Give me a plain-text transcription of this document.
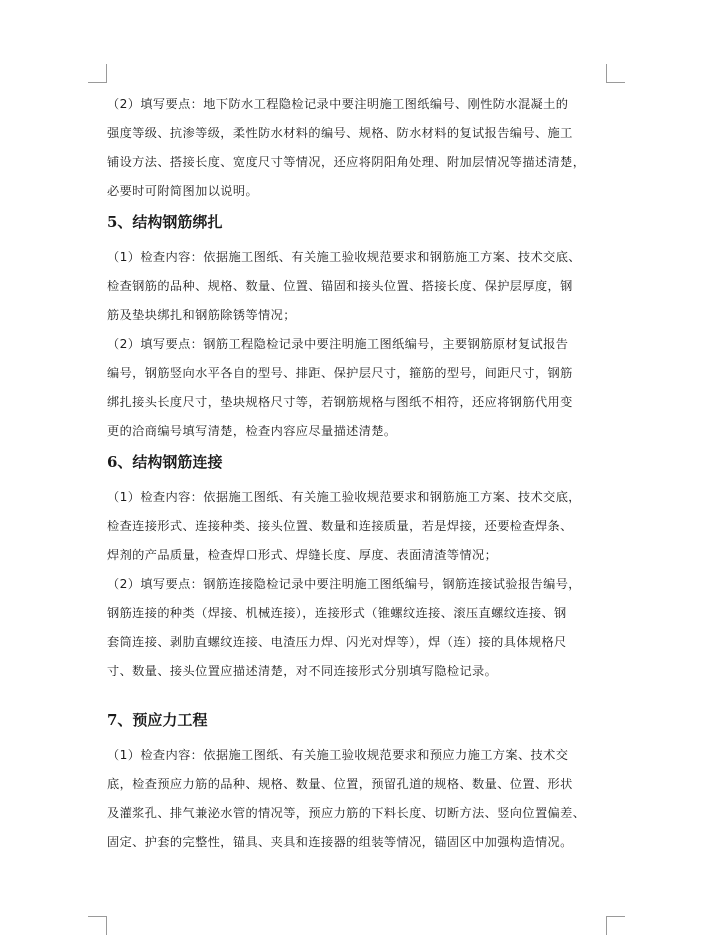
（2）填写要点：地下防水工程隐检记录中要注明施工图纸编号、刚性防水混凝土的
强度等级、抗渗等级，柔性防水材料的编号、规格、防水材料的复试报告编号、施工
铺设方法、搭接长度、宽度尺寸等情况，还应将阴阳角处理、附加层情况等描述清楚，
必要时可附简图加以说明。
5、结构钢筋绑扎
（1）检查内容：依据施工图纸、有关施工验收规范要求和钢筋施工方案、技术交底、
检查钢筋的品种、规格、数量、位置、锚固和接头位置、搭接长度、保护层厚度，钢
筋及垫块绑扎和钢筋除锈等情况；
（2）填写要点：钢筋工程隐检记录中要注明施工图纸编号，主要钢筋原材复试报告
编号，钢筋竖向水平各自的型号、排距、保护层尺寸，箍筋的型号，间距尺寸，钢筋
绑扎接头长度尺寸，垫块规格尺寸等，若钢筋规格与图纸不相符，还应将钢筋代用变
更的洽商编号填写清楚，检查内容应尽量描述清楚。
6、结构钢筋连接
（1）检查内容：依据施工图纸、有关施工验收规范要求和钢筋施工方案、技术交底，
检查连接形式、连接种类、接头位置、数量和连接质量，若是焊接，还要检查焊条、
焊剂的产品质量，检查焊口形式、焊缝长度、厚度、表面清渣等情况；
（2）填写要点：钢筋连接隐检记录中要注明施工图纸编号，钢筋连接试验报告编号，
钢筋连接的种类（焊接、机械连接），连接形式（锥螺纹连接、滚压直螺纹连接、钢
套筒连接、剥肋直螺纹连接、电渣压力焊、闪光对焊等），焊（连）接的具体规格尺
寸、数量、接头位置应描述清楚，对不同连接形式分别填写隐检记录。
7、预应力工程
（1）检查内容：依据施工图纸、有关施工验收规范要求和预应力施工方案、技术交
底，检查预应力筋的品种、规格、数量、位置，预留孔道的规格、数量、位置、形状
及灌浆孔、排气兼泌水管的情况等，预应力筋的下料长度、切断方法、竖向位置偏差、
固定、护套的完整性，锚具、夹具和连接器的组装等情况，锚固区中加强构造情况。
